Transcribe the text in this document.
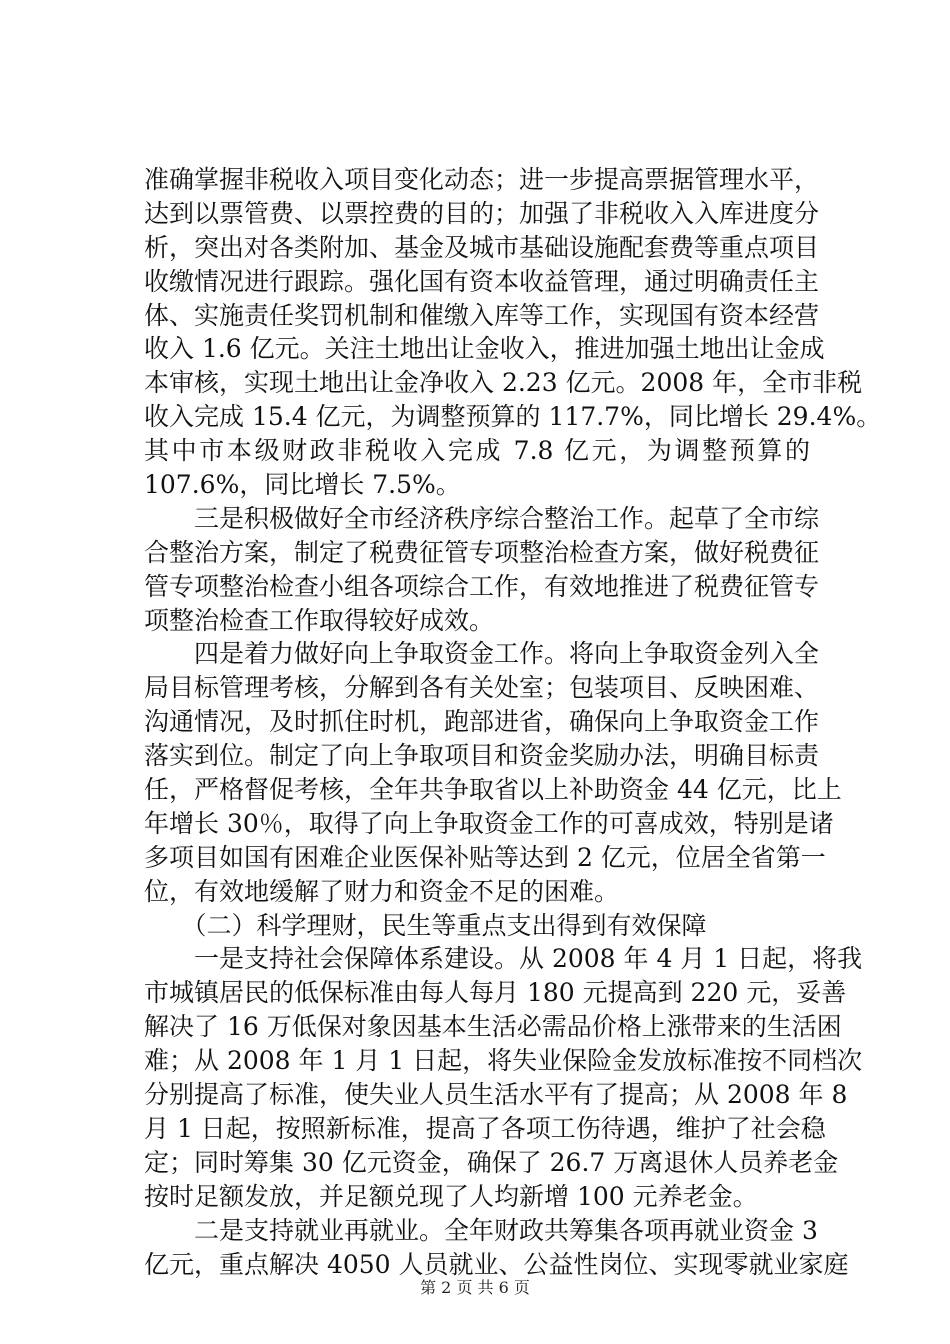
准确掌握非税收入项目变化动态；进一步提高票据管理水平，
达到以票管费、以票控费的目的；加强了非税收入入库进度分
析，突出对各类附加、基金及城市基础设施配套费等重点项目
收缴情况进行跟踪。强化国有资本收益管理，通过明确责任主
体、实施责任奖罚机制和催缴入库等工作，实现国有资本经营
收入 1.6 亿元。关注土地出让金收入，推进加强土地出让金成
本审核，实现土地出让金净收入 2.23 亿元。2008 年，全市非税
收入完成 15.4 亿元，为调整预算的 117.7%，同比增长 29.4%。
其中市本级财政非税收入完成 7.8 亿元，为调整预算的
107.6%，同比增长 7.5%。
　　三是积极做好全市经济秩序综合整治工作。起草了全市综
合整治方案，制定了税费征管专项整治检查方案，做好税费征
管专项整治检查小组各项综合工作，有效地推进了税费征管专
项整治检查工作取得较好成效。
　　四是着力做好向上争取资金工作。将向上争取资金列入全
局目标管理考核，分解到各有关处室；包装项目、反映困难、
沟通情况，及时抓住时机，跑部进省，确保向上争取资金工作
落实到位。制定了向上争取项目和资金奖励办法，明确目标责
任，严格督促考核，全年共争取省以上补助资金 44 亿元，比上
年增长 30％，取得了向上争取资金工作的可喜成效，特别是诸
多项目如国有困难企业医保补贴等达到 2 亿元，位居全省第一
位，有效地缓解了财力和资金不足的困难。
　　（二）科学理财，民生等重点支出得到有效保障
　　一是支持社会保障体系建设。从 2008 年 4 月 1 日起，将我
市城镇居民的低保标准由每人每月 180 元提高到 220 元，妥善
解决了 16 万低保对象因基本生活必需品价格上涨带来的生活困
难；从 2008 年 1 月 1 日起，将失业保险金发放标准按不同档次
分别提高了标准，使失业人员生活水平有了提高；从 2008 年 8
月 1 日起，按照新标准，提高了各项工伤待遇，维护了社会稳
定；同时筹集 30 亿元资金，确保了 26.7 万离退休人员养老金
按时足额发放，并足额兑现了人均新增 100 元养老金。
　　二是支持就业再就业。全年财政共筹集各项再就业资金 3
亿元，重点解决 4050 人员就业、公益性岗位、实现零就业家庭
第 2 页 共 6 页
